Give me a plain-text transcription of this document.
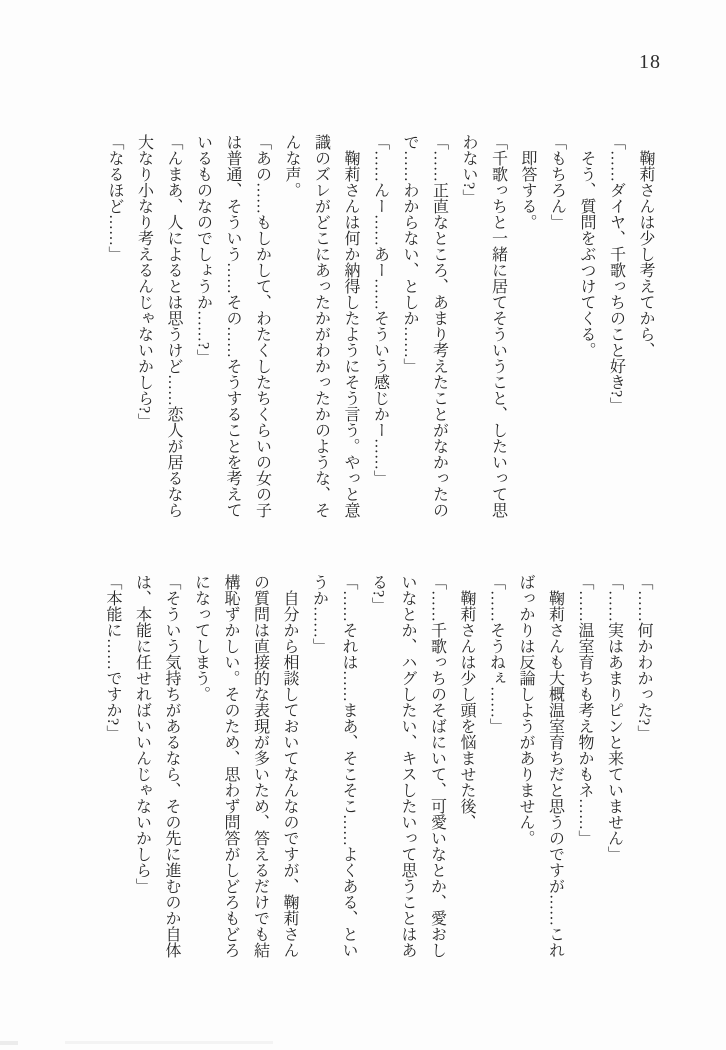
18

鞠莉さんは少し考えてから、

「……ダイヤ、千歌っちのこと好き?」

そう、質問をぶつけてくる。

「もちろん」

即答する。

「千歌っちと一緒に居てそういうこと、したいって思わない?」

「……正直なところ、あまり考えたことがなかったので……わからない、としか……」

「……んー……あー……そういう感じかー……」

鞠莉さんは何か納得したようにそう言う。やっと意識のズレがどこにあったかがわかったかのような、そんな声。

「あの……もしかして、わたくしたちくらいの女の子は普通、そういう……その……そうすることを考えているものなのでしょうか……?」

「んまあ、人によるとは思うけど……恋人が居るなら大なり小なり考えるんじゃないかしら?」

「なるほど……」

「……何かわかった?」

「……実はあまりピンと来ていません」

「……温室育ちも考え物かもネ……」

鞠莉さんも大概温室育ちだと思うのですが……こればっかりは反論しようがありません。

「……そうねぇ……」

鞠莉さんは少し頭を悩ませた後、

「……千歌っちのそばにいて、可愛いなとか、愛おしいなとか、ハグしたい、キスしたいって思うことはある?」

「……それは……まあ、そこそこ……よくある、というか……」

自分から相談しておいてなんなのですが、鞠莉さんの質問は直接的な表現が多いため、答えるだけでも結構恥ずかしい。そのため、思わず問答がしどろもどろになってしまう。

「そういう気持ちがあるなら、その先に進むのか自体は、本能に任せればいいんじゃないかしら」

「本能に……ですか?」
